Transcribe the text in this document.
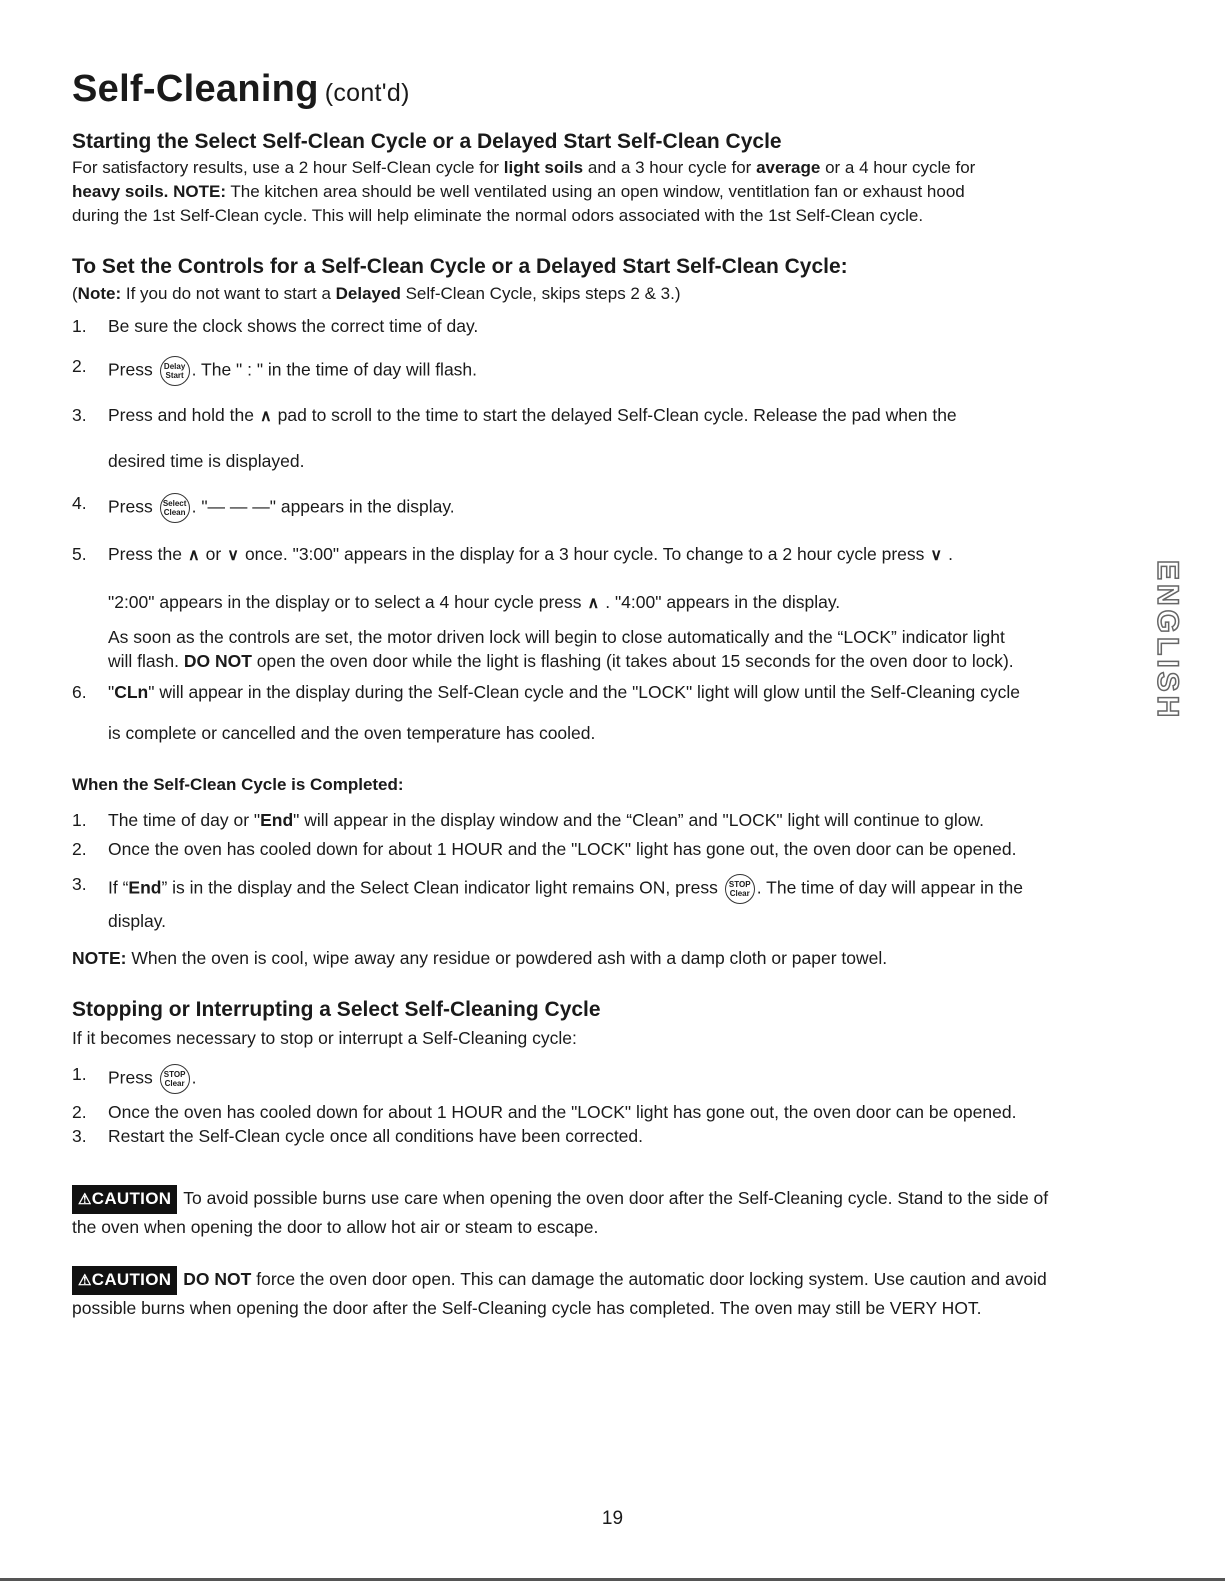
Self-Cleaning (cont'd)
Starting the Select Self-Clean Cycle or a Delayed Start Self-Clean Cycle
For satisfactory results, use a 2 hour Self-Clean cycle for light soils and a 3 hour cycle for average or a 4 hour cycle for
heavy soils. NOTE: The kitchen area should be well ventilated using an open window, ventitlation fan or exhaust hood
during the 1st Self-Clean cycle. This will help eliminate the normal odors associated with the 1st Self-Clean cycle.
To Set the Controls for a Self-Clean Cycle or a Delayed Start Self-Clean Cycle:
(Note: If you do not want to start a Delayed Self-Clean Cycle, skips steps 2 & 3.)
1. Be sure the clock shows the correct time of day.
2. Press Delay
Start . The " : " in the time of day will flash.
3. Press and hold the ∧ pad to scroll to the time to start the delayed Self-Clean cycle. Release the pad when the
desired time is displayed.
4. Press Select
Clean . "— — —" appears in the display.
5. Press the ∧ or ∨ once. "3:00" appears in the display for a 3 hour cycle. To change to a 2 hour cycle press ∨ .
"2:00" appears in the display or to select a 4 hour cycle press ∧ . "4:00" appears in the display.
As soon as the controls are set, the motor driven lock will begin to close automatically and the “LOCK” indicator light
will flash. DO NOT open the oven door while the light is flashing (it takes about 15 seconds for the oven door to lock).
6. "CLn" will appear in the display during the Self-Clean cycle and the "LOCK" light will glow until the Self-Cleaning cycle
is complete or cancelled and the oven temperature has cooled.
When the Self-Clean Cycle is Completed:
1. The time of day or "End" will appear in the display window and the “Clean” and "LOCK" light will continue to glow.
2. Once the oven has cooled down for about 1 HOUR and the "LOCK" light has gone out, the oven door can be opened.
3. If “End” is in the display and the Select Clean indicator light remains ON, press STOP
Clear . The time of day will appear in the
display.
NOTE: When the oven is cool, wipe away any residue or powdered ash with a damp cloth or paper towel.
Stopping or Interrupting a Select Self-Cleaning Cycle
If it becomes necessary to stop or interrupt a Self-Cleaning cycle:
1. Press STOP
Clear .
2. Once the oven has cooled down for about 1 HOUR and the "LOCK" light has gone out, the oven door can be opened.
3. Restart the Self-Clean cycle once all conditions have been corrected.
⚠CAUTION To avoid possible burns use care when opening the oven door after the Self-Cleaning cycle. Stand to the side of
the oven when opening the door to allow hot air or steam to escape.
⚠CAUTION DO NOT force the oven door open. This can damage the automatic door locking system. Use caution and avoid
possible burns when opening the door after the Self-Cleaning cycle has completed. The oven may still be VERY HOT.
ENGLISH
19
